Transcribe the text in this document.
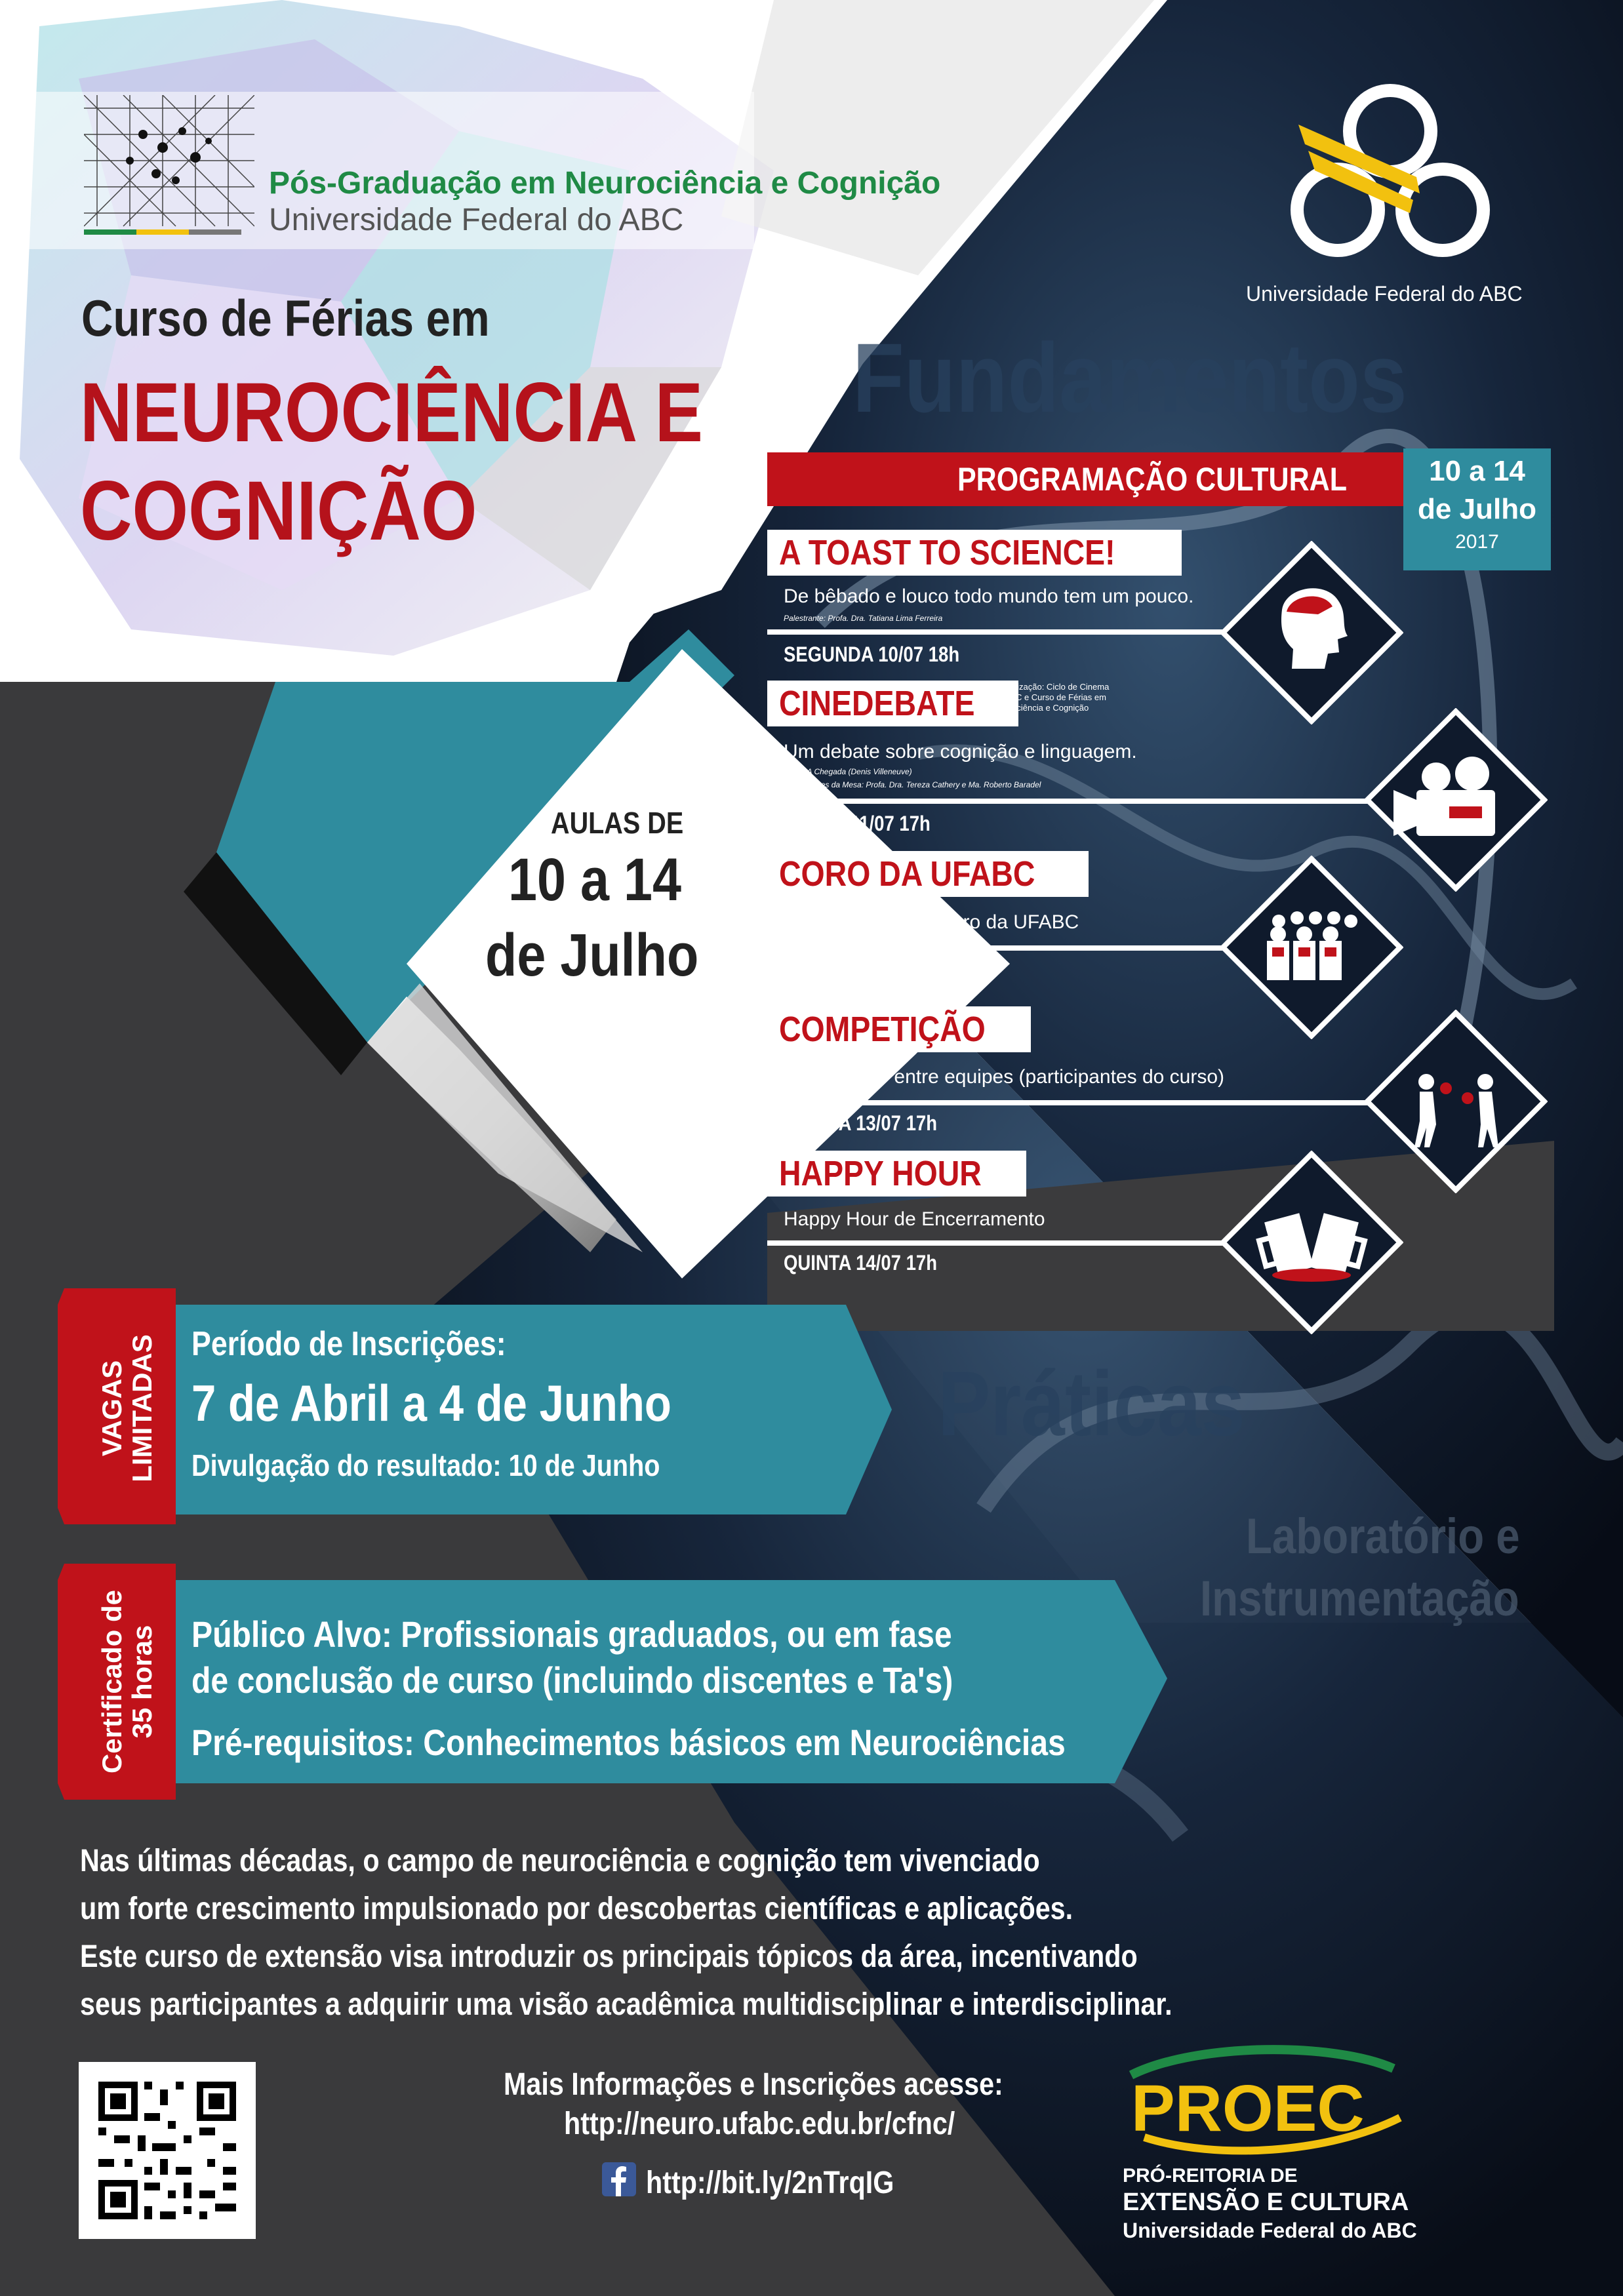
Pós-Graduação em Neurociência e Cognição
Universidade Federal do ABC
Curso de Férias em
NEUROCIÊNCIA E
COGNIÇÃO
Universidade Federal do ABC
Fundamentos
Práticas
Laboratório e
Instrumentação
AULAS DE
10 a 14
de Julho
PROGRAMAÇÃO CULTURAL	10 a 14
de Julho
2017
A TOAST TO SCIENCE!
De bêbado e louco todo mundo tem um pouco.
Palestrante: Profa. Dra. Tatiana Lima Ferreira
SEGUNDA 10/07 18h
CINEDEBATE	Organização: Ciclo de Cinema
UFABC e Curso de Férias em
Neurociência e Cognição
Um debate sobre cognição e linguagem.
Filme: A Chegada (Denis Villeneuve)
Participantes da Mesa: Profa. Dra. Tereza Cathery e Ma. Roberto Baradel
TERÇA 11/07 17h
CORO DA UFABC
Apresentação do Coro da UFABC
QUARTA 12/07 16h
COMPETIÇÃO
Competição entre equipes (participantes do curso)
QUINTA 13/07 17h
HAPPY HOUR
Happy Hour de Encerramento
QUINTA 14/07 17h
VAGAS LIMITADAS Período de Inscrições:
7 de Abril a 4 de Junho
Divulgação do resultado: 10 de Junho
Certificado de 35 horas Público Alvo: Profissionais graduados, ou em fase
de conclusão de curso (incluindo discentes e Ta's)
Pré-requisitos: Conhecimentos básicos em Neurociências
Nas últimas décadas, o campo de neurociência e cognição tem vivenciado
um forte crescimento impulsionado por descobertas científicas e aplicações.
Este curso de extensão visa introduzir os principais tópicos da área, incentivando
seus participantes a adquirir uma visão acadêmica multidisciplinar e interdisciplinar.
Mais Informações e Inscrições acesse:
http://neuro.ufabc.edu.br/cfnc/
http://bit.ly/2nTrqIG
PROEC
PRÓ-REITORIA DE
EXTENSÃO E CULTURA
Universidade Federal do ABC
